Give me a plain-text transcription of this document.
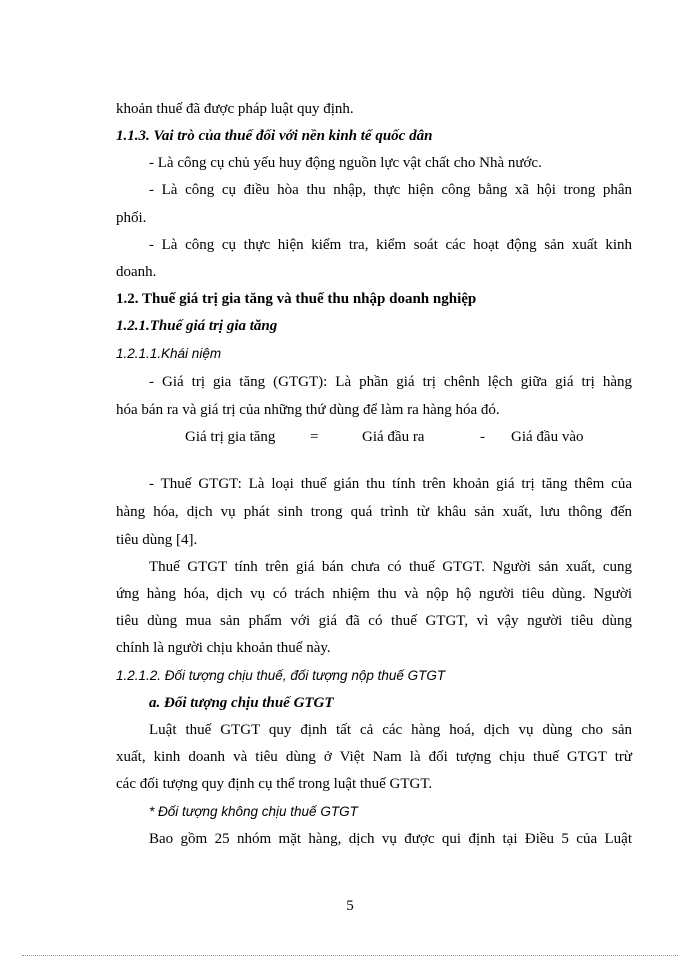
khoản thuế đã được pháp luật quy định.
1.1.3. Vai trò của thuế đối với nền kinh tế quốc dân
- Là công cụ chủ yếu huy động nguồn lực vật chất cho Nhà nước.
- Là công cụ điều hòa thu nhập, thực hiện công bằng xã hội trong phân
phối.
- Là công cụ thực hiện kiểm tra, kiểm soát các hoạt động sản xuất kinh
doanh.
1.2. Thuế giá trị gia tăng và thuế thu nhập doanh nghiệp
1.2.1.Thuế giá trị gia tăng
1.2.1.1.Khái niệm
- Giá trị gia tăng (GTGT): Là phần giá trị chênh lệch giữa giá trị hàng
hóa bán ra và giá trị của những thứ dùng để làm ra hàng hóa đó.
Giá trị gia tăng =	Giá đầu ra	- Giá đầu vào
- Thuế GTGT: Là loại thuế gián thu tính trên khoản giá trị tăng thêm của
hàng hóa, dịch vụ phát sinh trong quá trình từ khâu sản xuất, lưu thông đến
tiêu dùng [4].
Thuế GTGT tính trên giá bán chưa có thuế GTGT. Người sản xuất, cung
ứng hàng hóa, dịch vụ có trách nhiệm thu và nộp hộ người tiêu dùng. Người
tiêu dùng mua sản phẩm với giá đã có thuế GTGT, vì vậy người tiêu dùng
chính là người chịu khoản thuế này.
1.2.1.2. Đối tượng chịu thuế, đối tượng nộp thuế GTGT
a. Đối tượng chịu thuế GTGT
Luật thuế GTGT quy định tất cả các hàng hoá, dịch vụ dùng cho sản
xuất, kinh doanh và tiêu dùng ở Việt Nam là đối tượng chịu thuế GTGT trừ
các đối tượng quy định cụ thể trong luật thuế GTGT.
* Đối tượng không chịu thuế GTGT
Bao gồm 25 nhóm mặt hàng, dịch vụ được qui định tại Điều 5 của Luật
5
